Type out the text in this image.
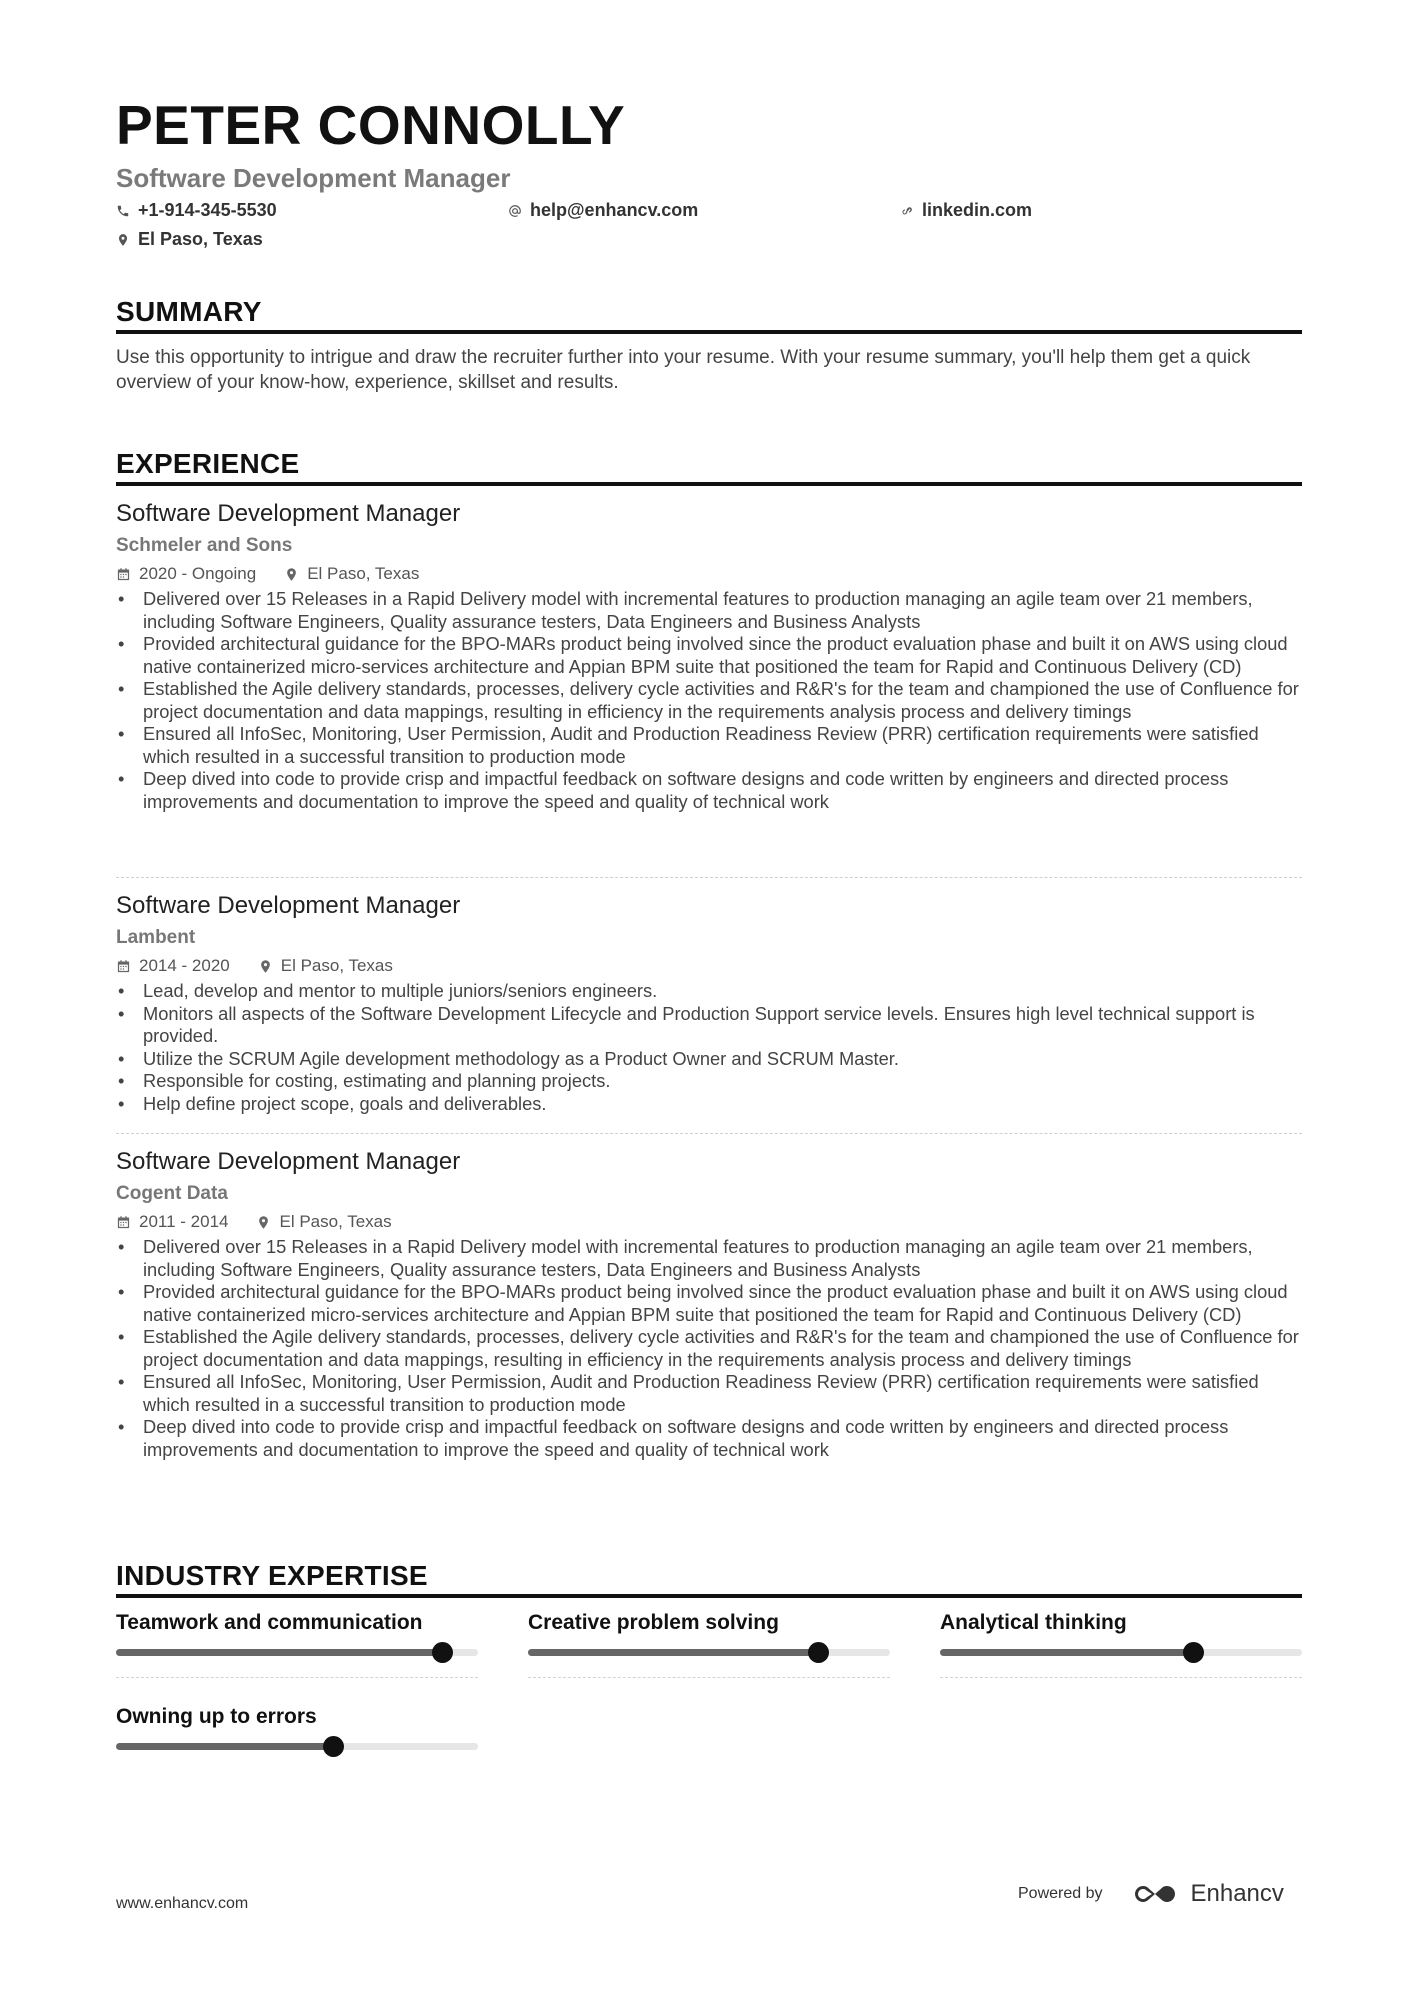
PETER CONNOLLY
Software Development Manager
+1-914-345-5530	help@enhancv.com	linkedin.com
El Paso, Texas
SUMMARY

Use this opportunity to intrigue and draw the recruiter further into your resume. With your resume summary, you'll help them get a quick overview of your know-how, experience, skillset and results.

EXPERIENCE
Software Development Manager
Schmeler and Sons
2020 - Ongoing	El Paso, Texas
• Delivered over 15 Releases in a Rapid Delivery model with incremental features to production managing an agile team over 21 members, including Software Engineers, Quality assurance testers, Data Engineers and Business Analysts
• Provided architectural guidance for the BPO-MARs product being involved since the product evaluation phase and built it on AWS using cloud native containerized micro-services architecture and Appian BPM suite that positioned the team for Rapid and Continuous Delivery (CD)
• Established the Agile delivery standards, processes, delivery cycle activities and R&R's for the team and championed the use of Confluence for project documentation and data mappings, resulting in efficiency in the requirements analysis process and delivery timings
• Ensured all InfoSec, Monitoring, User Permission, Audit and Production Readiness Review (PRR) certification requirements were satisfied which resulted in a successful transition to production mode
• Deep dived into code to provide crisp and impactful feedback on software designs and code written by engineers and directed process improvements and documentation to improve the speed and quality of technical work
Software Development Manager
Lambent
2014 - 2020	El Paso, Texas
• Lead, develop and mentor to multiple juniors/seniors engineers.
• Monitors all aspects of the Software Development Lifecycle and Production Support service levels. Ensures high level technical support is provided.
• Utilize the SCRUM Agile development methodology as a Product Owner and SCRUM Master.
• Responsible for costing, estimating and planning projects.
• Help define project scope, goals and deliverables.
Software Development Manager
Cogent Data
2011 - 2014	El Paso, Texas
• Delivered over 15 Releases in a Rapid Delivery model with incremental features to production managing an agile team over 21 members, including Software Engineers, Quality assurance testers, Data Engineers and Business Analysts
• Provided architectural guidance for the BPO-MARs product being involved since the product evaluation phase and built it on AWS using cloud native containerized micro-services architecture and Appian BPM suite that positioned the team for Rapid and Continuous Delivery (CD)
• Established the Agile delivery standards, processes, delivery cycle activities and R&R's for the team and championed the use of Confluence for project documentation and data mappings, resulting in efficiency in the requirements analysis process and delivery timings
• Ensured all InfoSec, Monitoring, User Permission, Audit and Production Readiness Review (PRR) certification requirements were satisfied which resulted in a successful transition to production mode
• Deep dived into code to provide crisp and impactful feedback on software designs and code written by engineers and directed process improvements and documentation to improve the speed and quality of technical work
INDUSTRY EXPERTISE
Teamwork and communication	Creative problem solving	Analytical thinking
Owning up to errors
www.enhancv.com
Powered by	Enhancv
